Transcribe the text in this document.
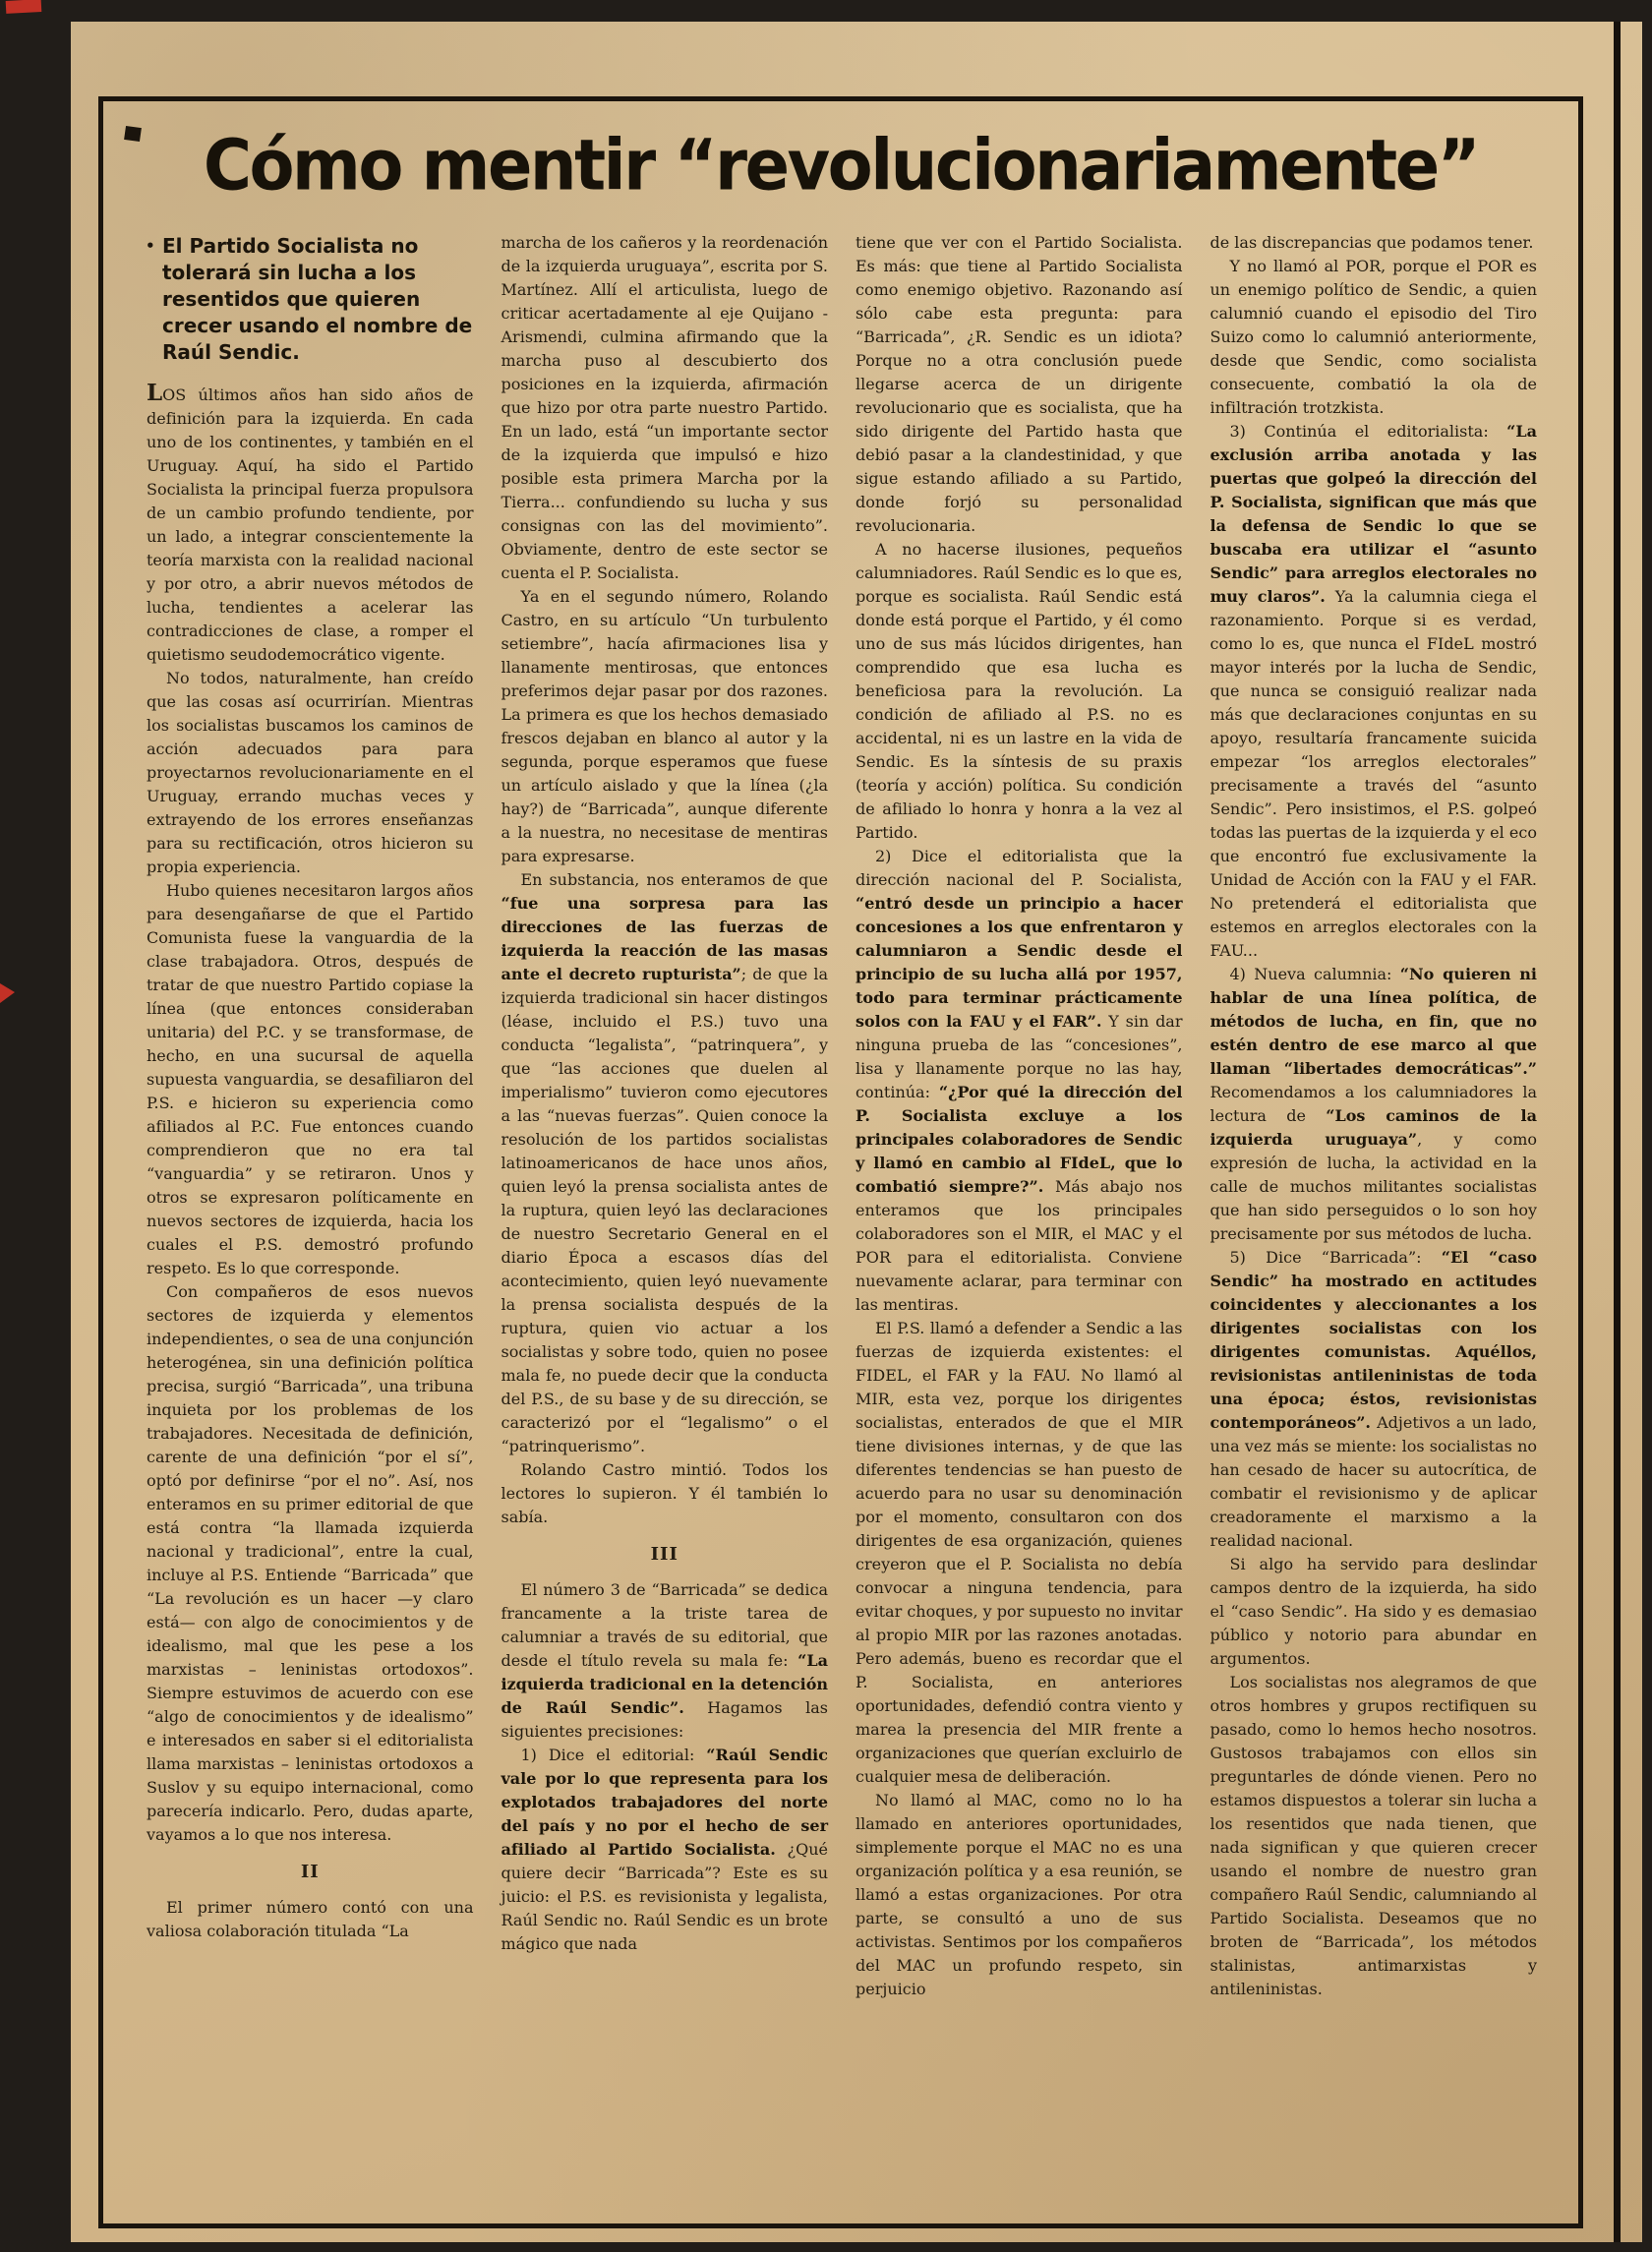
Cómo mentir “revolucionariamente”

• El Partido Socialista no tolerará sin lucha a los resentidos que quieren crecer usando el nombre de Raúl Sendic.

LOS últimos años han sido años de definición para la izquierda. En cada uno de los continentes, y también en el Uruguay. Aquí, ha sido el Partido Socialista la principal fuerza propulsora de un cambio profundo tendiente, por un lado, a integrar conscientemente la teoría marxista con la realidad nacional y por otro, a abrir nuevos métodos de lucha, tendientes a acelerar las contradicciones de clase, a romper el quietismo seudodemocrático vigente.

No todos, naturalmente, han creído que las cosas así ocurrirían. Mientras los socialistas buscamos los caminos de acción adecuados para para proyectarnos revolucionariamente en el Uruguay, errando muchas veces y extrayendo de los errores enseñanzas para su rectificación, otros hicieron su propia experiencia.

Hubo quienes necesitaron largos años para desengañarse de que el Partido Comunista fuese la vanguardia de la clase trabajadora. Otros, después de tratar de que nuestro Partido copiase la línea (que entonces consideraban unitaria) del P.C. y se transformase, de hecho, en una sucursal de aquella supuesta vanguardia, se desafiliaron del P.S. e hicieron su experiencia como afiliados al P.C. Fue entonces cuando comprendieron que no era tal “vanguardia” y se retiraron. Unos y otros se expresaron políticamente en nuevos sectores de izquierda, hacia los cuales el P.S. demostró profundo respeto. Es lo que corresponde.

Con compañeros de esos nuevos sectores de izquierda y elementos independientes, o sea de una conjunción heterogénea, sin una definición política precisa, surgió “Barricada”, una tribuna inquieta por los problemas de los trabajadores. Necesitada de definición, carente de una definición “por el sí”, optó por definirse “por el no”. Así, nos enteramos en su primer editorial de que está contra “la llamada izquierda nacional y tradicional”, entre la cual, incluye al P.S. Entiende “Barricada” que “La revolución es un hacer —y claro está— con algo de conocimientos y de idealismo, mal que les pese a los marxistas – leninistas ortodoxos”. Siempre estuvimos de acuerdo con ese “algo de conocimientos y de idealismo” e interesados en saber si el editorialista llama marxistas – leninistas ortodoxos a Suslov y su equipo internacional, como parecería indicarlo. Pero, dudas aparte, vayamos a lo que nos interesa.

II

El primer número contó con una valiosa colaboración titulada “La

marcha de los cañeros y la reordenación de la izquierda uruguaya”, escrita por S. Martínez. Allí el articulista, luego de criticar acertadamente al eje Quijano - Arismendi, culmina afirmando que la marcha puso al descubierto dos posiciones en la izquierda, afirmación que hizo por otra parte nuestro Partido. En un lado, está “un importante sector de la izquierda que impulsó e hizo posible esta primera Marcha por la Tierra... confundiendo su lucha y sus consignas con las del movimiento”. Obviamente, dentro de este sector se cuenta el P. Socialista.

Ya en el segundo número, Rolando Castro, en su artículo “Un turbulento setiembre”, hacía afirmaciones lisa y llanamente mentirosas, que entonces preferimos dejar pasar por dos razones. La primera es que los hechos demasiado frescos dejaban en blanco al autor y la segunda, porque esperamos que fuese un artículo aislado y que la línea (¿la hay?) de “Barricada”, aunque diferente a la nuestra, no necesitase de mentiras para expresarse.

En substancia, nos enteramos de que “fue una sorpresa para las direcciones de las fuerzas de izquierda la reacción de las masas ante el decreto rupturista”; de que la izquierda tradicional sin hacer distingos (léase, incluido el P.S.) tuvo una conducta “legalista”, “patrinquera”, y que “las acciones que duelen al imperialismo” tuvieron como ejecutores a las “nuevas fuerzas”. Quien conoce la resolución de los partidos socialistas latinoamericanos de hace unos años, quien leyó la prensa socialista antes de la ruptura, quien leyó las declaraciones de nuestro Secretario General en el diario Época a escasos días del acontecimiento, quien leyó nuevamente la prensa socialista después de la ruptura, quien vio actuar a los socialistas y sobre todo, quien no posee mala fe, no puede decir que la conducta del P.S., de su base y de su dirección, se caracterizó por el “legalismo” o el “patrinquerismo”.

Rolando Castro mintió. Todos los lectores lo supieron. Y él también lo sabía.

III

El número 3 de “Barricada” se dedica francamente a la triste tarea de calumniar a través de su editorial, que desde el título revela su mala fe: “La izquierda tradicional en la detención de Raúl Sendic”. Hagamos las siguientes precisiones:

1) Dice el editorial: “Raúl Sendic vale por lo que representa para los explotados trabajadores del norte del país y no por el hecho de ser afiliado al Partido Socialista. ¿Qué quiere decir “Barricada”? Este es su juicio: el P.S. es revisionista y legalista, Raúl Sendic no. Raúl Sendic es un brote mágico que nada

tiene que ver con el Partido Socialista. Es más: que tiene al Partido Socialista como enemigo objetivo. Razonando así sólo cabe esta pregunta: para “Barricada”, ¿R. Sendic es un idiota? Porque no a otra conclusión puede llegarse acerca de un dirigente revolucionario que es socialista, que ha sido dirigente del Partido hasta que debió pasar a la clandestinidad, y que sigue estando afiliado a su Partido, donde forjó su personalidad revolucionaria.

A no hacerse ilusiones, pequeños calumniadores. Raúl Sendic es lo que es, porque es socialista. Raúl Sendic está donde está porque el Partido, y él como uno de sus más lúcidos dirigentes, han comprendido que esa lucha es beneficiosa para la revolución. La condición de afiliado al P.S. no es accidental, ni es un lastre en la vida de Sendic. Es la síntesis de su praxis (teoría y acción) política. Su condición de afiliado lo honra y honra a la vez al Partido.

2) Dice el editorialista que la dirección nacional del P. Socialista, “entró desde un principio a hacer concesiones a los que enfrentaron y calumniaron a Sendic desde el principio de su lucha allá por 1957, todo para terminar prácticamente solos con la FAU y el FAR”. Y sin dar ninguna prueba de las “concesiones”, lisa y llanamente porque no las hay, continúa: “¿Por qué la dirección del P. Socialista excluye a los principales colaboradores de Sendic y llamó en cambio al FIdeL, que lo combatió siempre?”. Más abajo nos enteramos que los principales colaboradores son el MIR, el MAC y el POR para el editorialista. Conviene nuevamente aclarar, para terminar con las mentiras.

El P.S. llamó a defender a Sendic a las fuerzas de izquierda existentes: el FIDEL, el FAR y la FAU. No llamó al MIR, esta vez, porque los dirigentes socialistas, enterados de que el MIR tiene divisiones internas, y de que las diferentes tendencias se han puesto de acuerdo para no usar su denominación por el momento, consultaron con dos dirigentes de esa organización, quienes creyeron que el P. Socialista no debía convocar a ninguna tendencia, para evitar choques, y por supuesto no invitar al propio MIR por las razones anotadas. Pero además, bueno es recordar que el P. Socialista, en anteriores oportunidades, defendió contra viento y marea la presencia del MIR frente a organizaciones que querían excluirlo de cualquier mesa de deliberación.

No llamó al MAC, como no lo ha llamado en anteriores oportunidades, simplemente porque el MAC no es una organización política y a esa reunión, se llamó a estas organizaciones. Por otra parte, se consultó a uno de sus activistas. Sentimos por los compañeros del MAC un profundo respeto, sin perjuicio

de las discrepancias que podamos tener.

Y no llamó al POR, porque el POR es un enemigo político de Sendic, a quien calumnió cuando el episodio del Tiro Suizo como lo calumnió anteriormente, desde que Sendic, como socialista consecuente, combatió la ola de infiltración trotzkista.

3) Continúa el editorialista: “La exclusión arriba anotada y las puertas que golpeó la dirección del P. Socialista, significan que más que la defensa de Sendic lo que se buscaba era utilizar el “asunto Sendic” para arreglos electorales no muy claros”. Ya la calumnia ciega el razonamiento. Porque si es verdad, como lo es, que nunca el FIdeL mostró mayor interés por la lucha de Sendic, que nunca se consiguió realizar nada más que declaraciones conjuntas en su apoyo, resultaría francamente suicida empezar “los arreglos electorales” precisamente a través del “asunto Sendic”. Pero insistimos, el P.S. golpeó todas las puertas de la izquierda y el eco que encontró fue exclusivamente la Unidad de Acción con la FAU y el FAR. No pretenderá el editorialista que estemos en arreglos electorales con la FAU...

4) Nueva calumnia: “No quieren ni hablar de una línea política, de métodos de lucha, en fin, que no estén dentro de ese marco al que llaman “libertades democráticas”.” Recomendamos a los calumniadores la lectura de “Los caminos de la izquierda uruguaya”, y como expresión de lucha, la actividad en la calle de muchos militantes socialistas que han sido perseguidos o lo son hoy precisamente por sus métodos de lucha.

5) Dice “Barricada”: “El “caso Sendic” ha mostrado en actitudes coincidentes y aleccionantes a los dirigentes socialistas con los dirigentes comunistas. Aquéllos, revisionistas antileninistas de toda una época; éstos, revisionistas contemporáneos”. Adjetivos a un lado, una vez más se miente: los socialistas no han cesado de hacer su autocrítica, de combatir el revisionismo y de aplicar creadoramente el marxismo a la realidad nacional.

Si algo ha servido para deslindar campos dentro de la izquierda, ha sido el “caso Sendic”. Ha sido y es demasiao público y notorio para abundar en argumentos.

Los socialistas nos alegramos de que otros hombres y grupos rectifiquen su pasado, como lo hemos hecho nosotros. Gustosos trabajamos con ellos sin preguntarles de dónde vienen. Pero no estamos dispuestos a tolerar sin lucha a los resentidos que nada tienen, que nada significan y que quieren crecer usando el nombre de nuestro gran compañero Raúl Sendic, calumniando al Partido Socialista. Deseamos que no broten de “Barricada”, los métodos stalinistas, antimarxistas y antileninistas.
